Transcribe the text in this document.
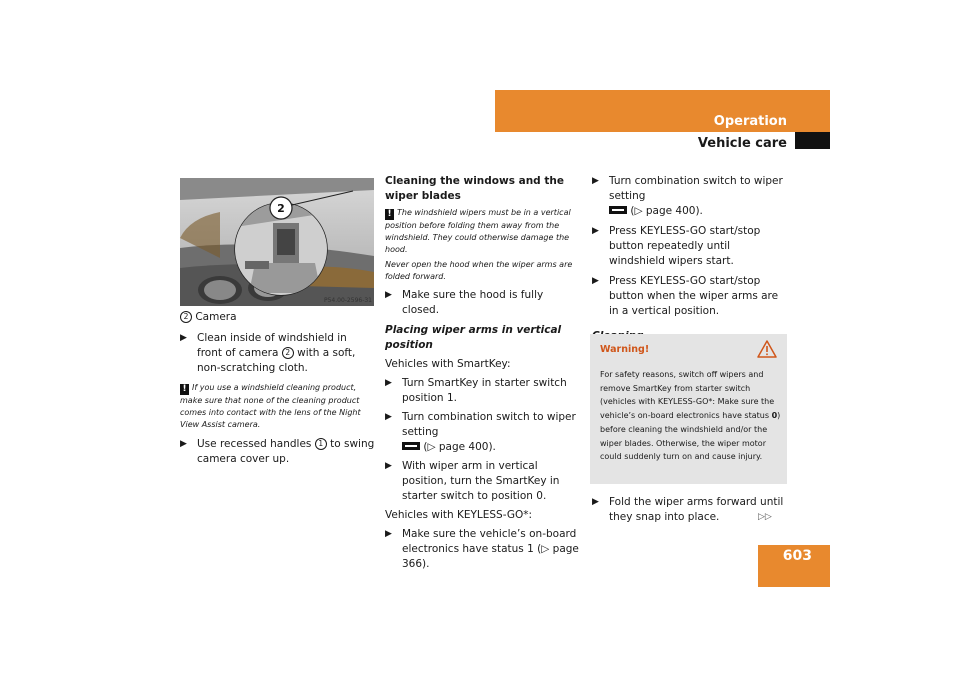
Operation
Vehicle care
603
2
P54.00-2596-31
2 Camera
▶ Clean inside of windshield in front of camera 2 with a soft, non-scratching cloth.
! If you use a windshield cleaning product, make sure that none of the cleaning product comes into contact with the lens of the Night View Assist camera.
▶ Use recessed handles 1 to swing camera cover up.
Cleaning the windows and the wiper blades
! The windshield wipers must be in a vertical position before folding them away from the windshield. They could otherwise damage the hood.
Never open the hood when the wiper arms are folded forward.
▶ Make sure the hood is fully closed.
Placing wiper arms in vertical position
Vehicles with SmartKey:
▶ Turn SmartKey in starter switch position 1.
▶ Turn combination switch to wiper setting
(▷ page 400).
▶ With wiper arm in vertical position, turn the SmartKey in starter switch to position 0.
Vehicles with KEYLESS-GO*:
▶ Make sure the vehicle’s on-board electronics have status 1 (▷ page 366).
▶ Turn combination switch to wiper setting
(▷ page 400).
▶ Press KEYLESS-GO start/stop button repeatedly until windshield wipers start.
▶ Press KEYLESS-GO start/stop button when the wiper arms are in a vertical position.
Warning!
For safety reasons, switch off wipers and remove SmartKey from starter switch (vehicles with KEYLESS-GO*: Make sure the vehicle’s on-board electronics have status 0) before cleaning the windshield and/or the wiper blades. Otherwise, the wiper motor could suddenly turn on and cause injury.
▶ Fold the wiper arms forward until they snap into place.	▷▷
